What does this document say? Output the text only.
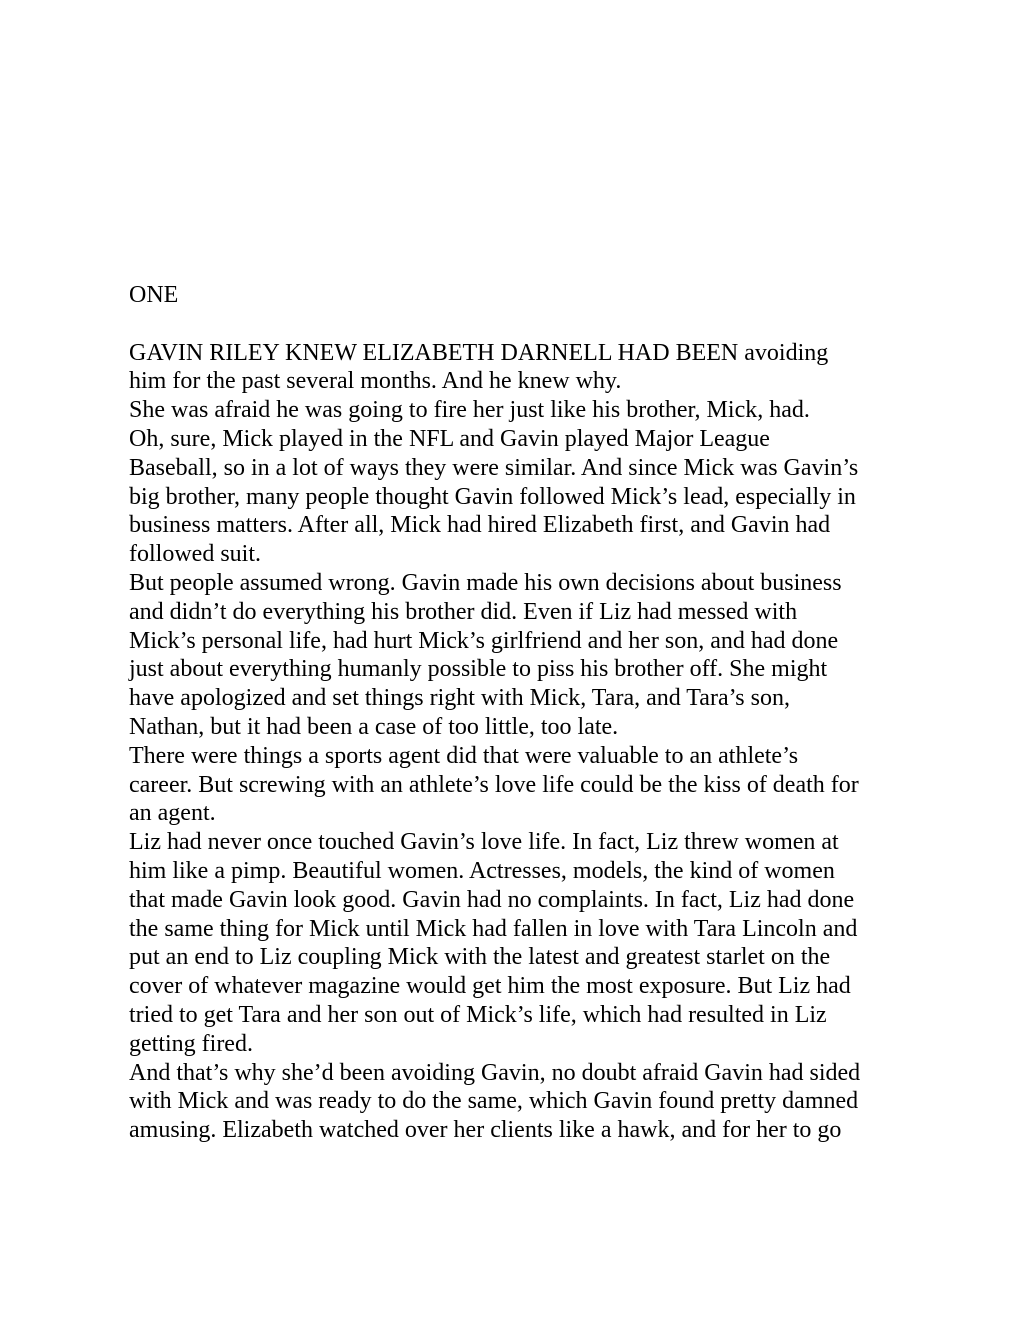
ONE

GAVIN RILEY KNEW ELIZABETH DARNELL HAD BEEN avoiding
him for the past several months. And he knew why.

She was afraid he was going to fire her just like his brother, Mick, had.

Oh, sure, Mick played in the NFL and Gavin played Major League
Baseball, so in a lot of ways they were similar. And since Mick was Gavin’s
big brother, many people thought Gavin followed Mick’s lead, especially in
business matters. After all, Mick had hired Elizabeth first, and Gavin had
followed suit.

But people assumed wrong. Gavin made his own decisions about business
and didn’t do everything his brother did. Even if Liz had messed with
Mick’s personal life, had hurt Mick’s girlfriend and her son, and had done
just about everything humanly possible to piss his brother off. She might
have apologized and set things right with Mick, Tara, and Tara’s son,
Nathan, but it had been a case of too little, too late.

There were things a sports agent did that were valuable to an athlete’s
career. But screwing with an athlete’s love life could be the kiss of death for
an agent.

Liz had never once touched Gavin’s love life. In fact, Liz threw women at
him like a pimp. Beautiful women. Actresses, models, the kind of women
that made Gavin look good. Gavin had no complaints. In fact, Liz had done
the same thing for Mick until Mick had fallen in love with Tara Lincoln and
put an end to Liz coupling Mick with the latest and greatest starlet on the
cover of whatever magazine would get him the most exposure. But Liz had
tried to get Tara and her son out of Mick’s life, which had resulted in Liz
getting fired.

And that’s why she’d been avoiding Gavin, no doubt afraid Gavin had sided
with Mick and was ready to do the same, which Gavin found pretty damned
amusing. Elizabeth watched over her clients like a hawk, and for her to go
